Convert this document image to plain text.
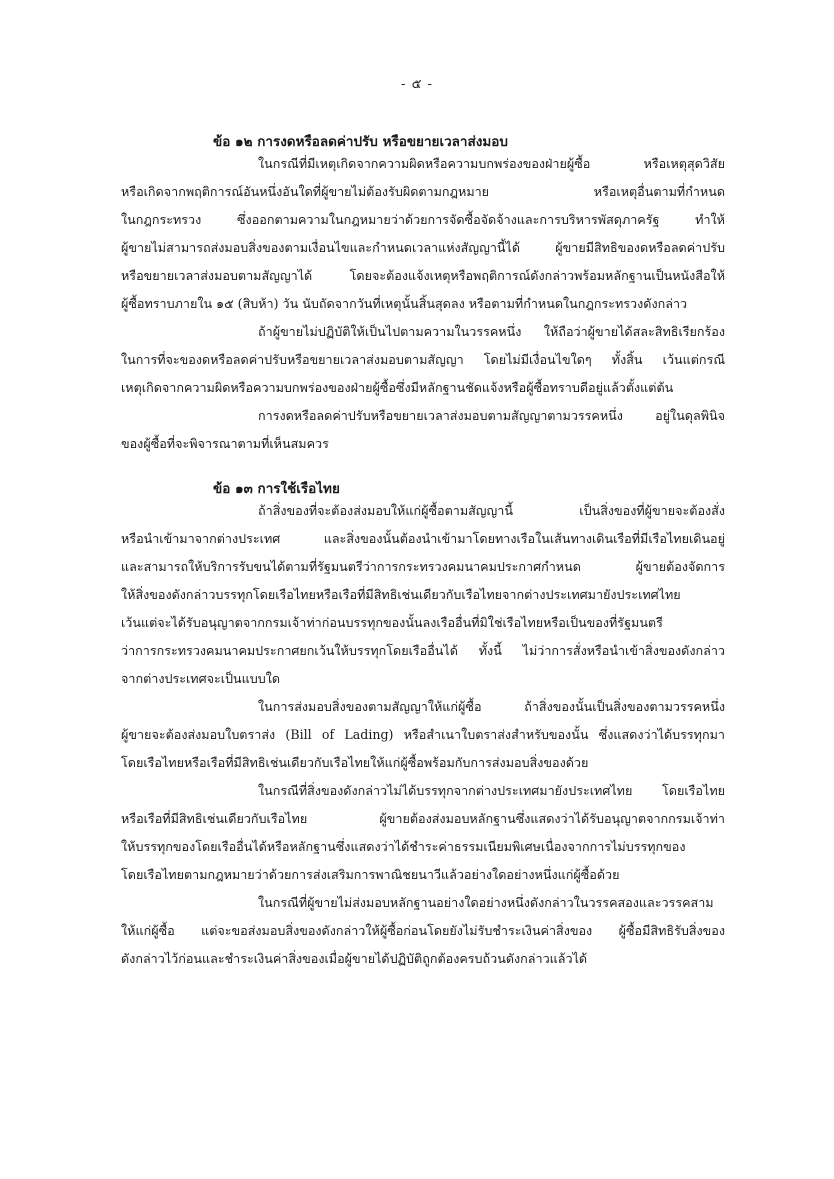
- ๕ -
ข้อ ๑๒ การงดหรือลดค่าปรับ หรือขยายเวลาส่งมอบ
ในกรณีที่มีเหตุเกิดจากความผิดหรือความบกพร่องของฝ่ายผู้ซื้อ หรือเหตุสุดวิสัย
หรือเกิดจากพฤติการณ์อันหนึ่งอันใดที่ผู้ขายไม่ต้องรับผิดตามกฎหมาย หรือเหตุอื่นตามที่กำหนด
ในกฎกระทรวง ซึ่งออกตามความในกฎหมายว่าด้วยการจัดซื้อจัดจ้างและการบริหารพัสดุภาครัฐ ทำให้
ผู้ขายไม่สามารถส่งมอบสิ่งของตามเงื่อนไขและกำหนดเวลาแห่งสัญญานี้ได้ ผู้ขายมีสิทธิของดหรือลดค่าปรับ
หรือขยายเวลาส่งมอบตามสัญญาได้ โดยจะต้องแจ้งเหตุหรือพฤติการณ์ดังกล่าวพร้อมหลักฐานเป็นหนังสือให้
ผู้ซื้อทราบภายใน ๑๕ (สิบห้า) วัน นับถัดจากวันที่เหตุนั้นสิ้นสุดลง หรือตามที่กำหนดในกฎกระทรวงดังกล่าว
ถ้าผู้ขายไม่ปฏิบัติให้เป็นไปตามความในวรรคหนึ่ง ให้ถือว่าผู้ขายได้สละสิทธิเรียกร้อง
ในการที่จะของดหรือลดค่าปรับหรือขยายเวลาส่งมอบตามสัญญา โดยไม่มีเงื่อนไขใดๆ ทั้งสิ้น เว้นแต่กรณี
เหตุเกิดจากความผิดหรือความบกพร่องของฝ่ายผู้ซื้อซึ่งมีหลักฐานชัดแจ้งหรือผู้ซื้อทราบดีอยู่แล้วตั้งแต่ต้น
การงดหรือลดค่าปรับหรือขยายเวลาส่งมอบตามสัญญาตามวรรคหนึ่ง อยู่ในดุลพินิจ
ของผู้ซื้อที่จะพิจารณาตามที่เห็นสมควร
ข้อ ๑๓ การใช้เรือไทย
ถ้าสิ่งของที่จะต้องส่งมอบให้แก่ผู้ซื้อตามสัญญานี้ เป็นสิ่งของที่ผู้ขายจะต้องสั่ง
หรือนำเข้ามาจากต่างประเทศ และสิ่งของนั้นต้องนำเข้ามาโดยทางเรือในเส้นทางเดินเรือที่มีเรือไทยเดินอยู่
และสามารถให้บริการรับขนได้ตามที่รัฐมนตรีว่าการกระทรวงคมนาคมประกาศกำหนด ผู้ขายต้องจัดการ
ให้สิ่งของดังกล่าวบรรทุกโดยเรือไทยหรือเรือที่มีสิทธิเช่นเดียวกับเรือไทยจากต่างประเทศมายังประเทศไทย
เว้นแต่จะได้รับอนุญาตจากกรมเจ้าท่าก่อนบรรทุกของนั้นลงเรืออื่นที่มิใช่เรือไทยหรือเป็นของที่รัฐมนตรี
ว่าการกระทรวงคมนาคมประกาศยกเว้นให้บรรทุกโดยเรืออื่นได้ ทั้งนี้ ไม่ว่าการสั่งหรือนำเข้าสิ่งของดังกล่าว
จากต่างประเทศจะเป็นแบบใด
ในการส่งมอบสิ่งของตามสัญญาให้แก่ผู้ซื้อ ถ้าสิ่งของนั้นเป็นสิ่งของตามวรรคหนึ่ง
ผู้ขายจะต้องส่งมอบใบตราส่ง (Bill of Lading) หรือสำเนาใบตราส่งสำหรับของนั้น ซึ่งแสดงว่าได้บรรทุกมา
โดยเรือไทยหรือเรือที่มีสิทธิเช่นเดียวกับเรือไทยให้แก่ผู้ซื้อพร้อมกับการส่งมอบสิ่งของด้วย
ในกรณีที่สิ่งของดังกล่าวไม่ได้บรรทุกจากต่างประเทศมายังประเทศไทย โดยเรือไทย
หรือเรือที่มีสิทธิเช่นเดียวกับเรือไทย ผู้ขายต้องส่งมอบหลักฐานซึ่งแสดงว่าได้รับอนุญาตจากกรมเจ้าท่า
ให้บรรทุกของโดยเรืออื่นได้หรือหลักฐานซึ่งแสดงว่าได้ชำระค่าธรรมเนียมพิเศษเนื่องจากการไม่บรรทุกของ
โดยเรือไทยตามกฎหมายว่าด้วยการส่งเสริมการพาณิชยนาวีแล้วอย่างใดอย่างหนึ่งแก่ผู้ซื้อด้วย
ในกรณีที่ผู้ขายไม่ส่งมอบหลักฐานอย่างใดอย่างหนึ่งดังกล่าวในวรรคสองและวรรคสาม
ให้แก่ผู้ซื้อ แต่จะขอส่งมอบสิ่งของดังกล่าวให้ผู้ซื้อก่อนโดยยังไม่รับชำระเงินค่าสิ่งของ ผู้ซื้อมีสิทธิรับสิ่งของ
ดังกล่าวไว้ก่อนและชำระเงินค่าสิ่งของเมื่อผู้ขายได้ปฏิบัติถูกต้องครบถ้วนดังกล่าวแล้วได้
